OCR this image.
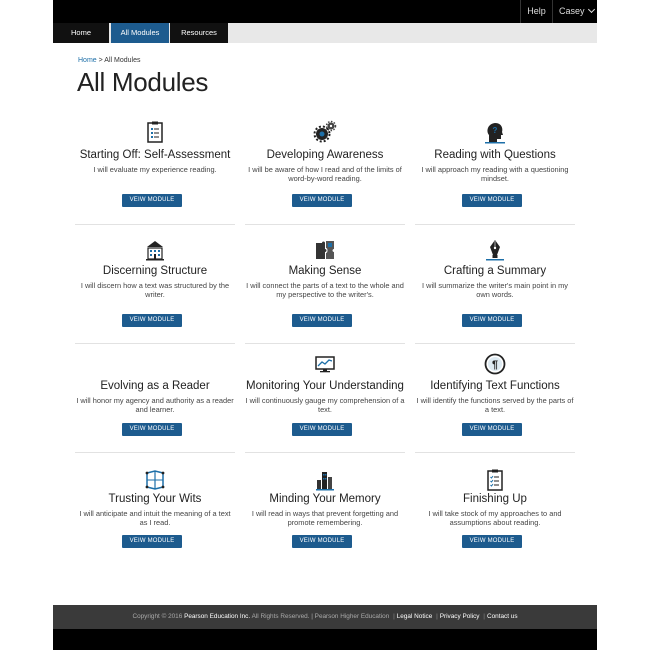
Help	Casey
Home	All Modules	Resources
Home > All Modules
All Modules
Starting Off: Self-Assessment
I will evaluate my experience reading.
VEIW MODULE
Developing Awareness
I will be aware of how I read and of the limits of word-by-word reading.
VEIW MODULE
?
Reading with Questions
I will approach my reading with a questioning mindset.
VEIW MODULE
Discerning Structure
I will discern how a text was structured by the writer.
VEIW MODULE
Making Sense
I will connect the parts of a text to the whole and my perspective to the writer's.
VEIW MODULE
Crafting a Summary
I will summarize the writer's main point in my own words.
VEIW MODULE
Evolving as a Reader
I will honor my agency and authority as a reader and learner.
VEIW MODULE
Monitoring Your Understanding
I will continuously gauge my comprehension of a text.
VEIW MODULE
¶
Identifying Text Functions
I will identify the functions served by the parts of a text.
VEIW MODULE
Trusting Your Wits
I will anticipate and intuit the meaning of a text as I read.
VEIW MODULE
Minding Your Memory
I will read in ways that prevent forgetting and promote remembering.
VEIW MODULE
Finishing Up
I will take stock of my approaches to and assumptions about reading.
VEIW MODULE
Copyright © 2016 Pearson Education Inc. All Rights Reserved. | Pearson Higher Education | Legal Notice | Privacy Policy | Contact us
